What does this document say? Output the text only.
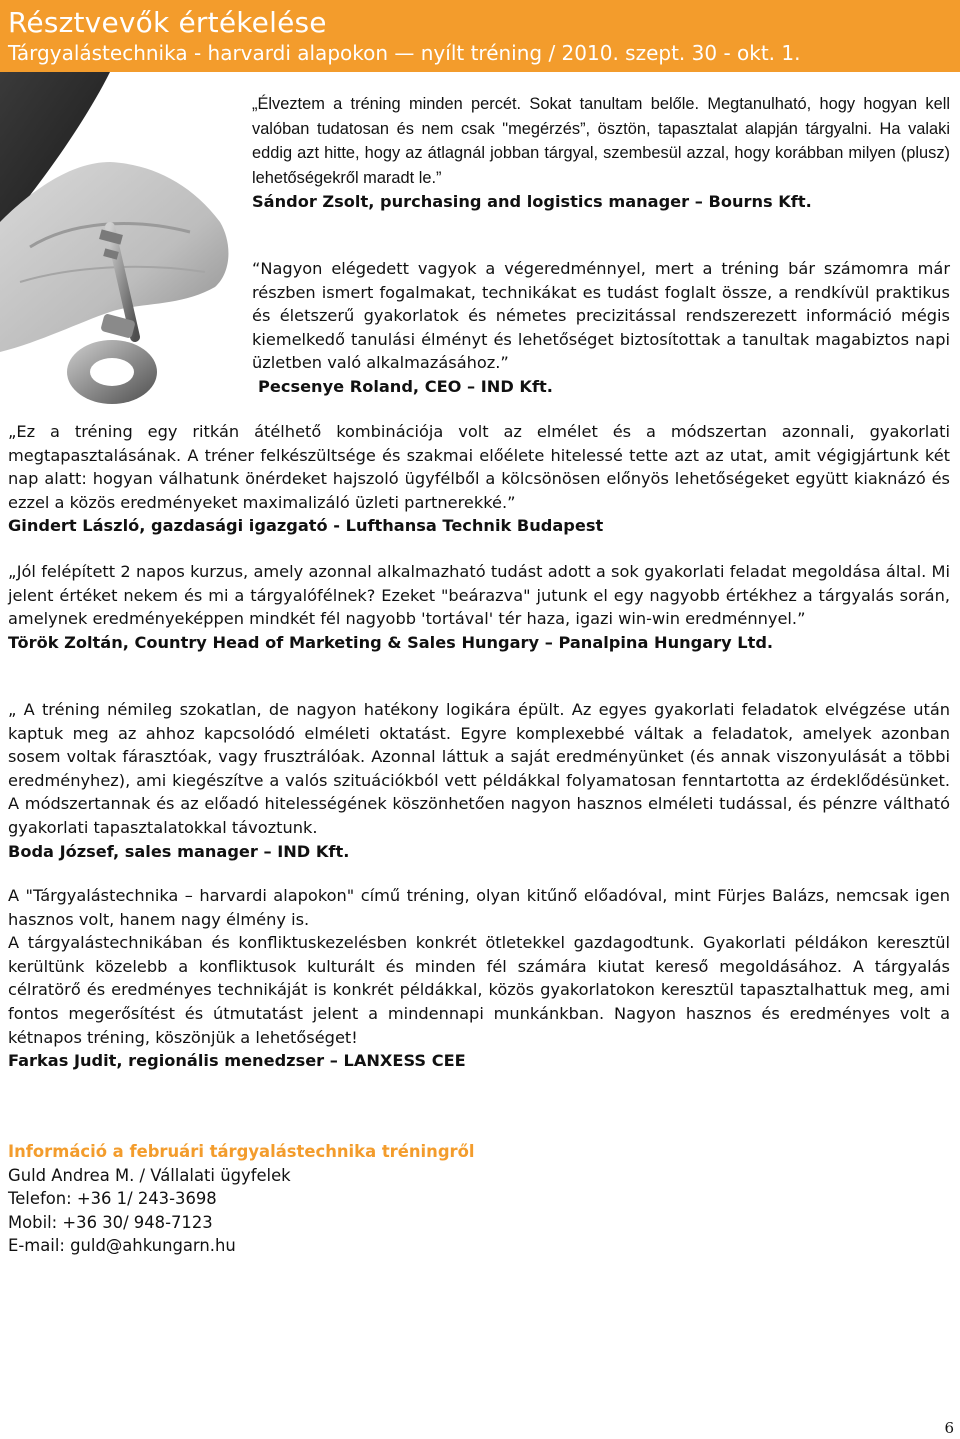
Résztvevők értékelése
Tárgyalástechnika - harvardi alapokon — nyílt tréning / 2010. szept. 30 - okt. 1.
„Élveztem a tréning minden percét. Sokat tanultam belőle. Megtanulható, hogy hogyan kell valóban tudatosan és nem csak "megérzés”, ösztön, tapasztalat alapján tárgyalni. Ha valaki eddig azt hitte, hogy az átlagnál jobban tárgyal, szembesül azzal, hogy korábban milyen (plusz) lehetőségekről maradt le.”
Sándor Zsolt, purchasing and logistics manager – Bourns Kft.
“Nagyon elégedett vagyok a végeredménnyel, mert a tréning bár számomra már részben ismert fogalmakat, technikákat es tudást foglalt össze, a rendkívül praktikus és életszerű gyakorlatok és németes precizitással rendszerezett információ mégis kiemelkedő tanulási élményt és lehetőséget biztosítottak a tanultak magabiztos napi üzletben való alkalmazásához.”
Pecsenye Roland, CEO – IND Kft.
„Ez a tréning egy ritkán átélhető kombinációja volt az elmélet és a módszertan azonnali, gyakorlati megtapasztalásának. A tréner felkészültsége és szakmai előélete hitelessé tette azt az utat, amit végigjártunk két nap alatt: hogyan válhatunk önérdeket hajszoló ügyfélből a kölcsönösen előnyös lehetőségeket együtt kiaknázó és ezzel a közös eredményeket maximalizáló üzleti partnerekké.”
Gindert László, gazdasági igazgató - Lufthansa Technik Budapest
„Jól felépített 2 napos kurzus, amely azonnal alkalmazható tudást adott a sok gyakorlati feladat megoldása által. Mi jelent értéket nekem és mi a tárgyalófélnek? Ezeket "beárazva" jutunk el egy nagyobb értékhez a tárgyalás során, amelynek eredményeképpen mindkét fél nagyobb 'tortával' tér haza, igazi win-win eredménnyel.”
Török Zoltán, Country Head of Marketing & Sales Hungary – Panalpina Hungary Ltd.
„ A tréning némileg szokatlan, de nagyon hatékony logikára épült. Az egyes gyakorlati feladatok elvégzése után kaptuk meg az ahhoz kapcsolódó elméleti oktatást. Egyre komplexebbé váltak a feladatok, amelyek azonban sosem voltak fárasztóak, vagy frusztrálóak. Azonnal láttuk a saját eredményünket (és annak viszonyulását a többi eredményhez), ami kiegészítve a valós szituációkból vett példákkal folyamatosan fenntartotta az érdeklődésünket. A módszertannak és az előadó hitelességének köszönhetően nagyon hasznos elméleti tudással, és pénzre váltható gyakorlati tapasztalatokkal távoztunk.
Boda József, sales manager – IND Kft.
A "Tárgyalástechnika – harvardi alapokon" című tréning, olyan kitűnő előadóval, mint Fürjes Balázs, nemcsak igen hasznos volt, hanem nagy élmény is.
A tárgyalástechnikában és konfliktuskezelésben konkrét ötletekkel gazdagodtunk. Gyakorlati példákon keresztül kerültünk közelebb a konfliktusok kulturált és minden fél számára kiutat kereső megoldásához. A tárgyalás célratörő és eredményes technikáját is konkrét példákkal, közös gyakorlatokon keresztül tapasztalhattuk meg, ami fontos megerősítést és útmutatást jelent a mindennapi munkánkban. Nagyon hasznos és eredményes volt a kétnapos tréning, köszönjük a lehetőséget!
Farkas Judit, regionális menedzser – LANXESS CEE
Információ a februári tárgyalástechnika tréningről
Guld Andrea M. / Vállalati ügyfelek
Telefon: +36 1/ 243-3698
Mobil: +36 30/ 948-7123
E-mail: guld@ahkungarn.hu
6
